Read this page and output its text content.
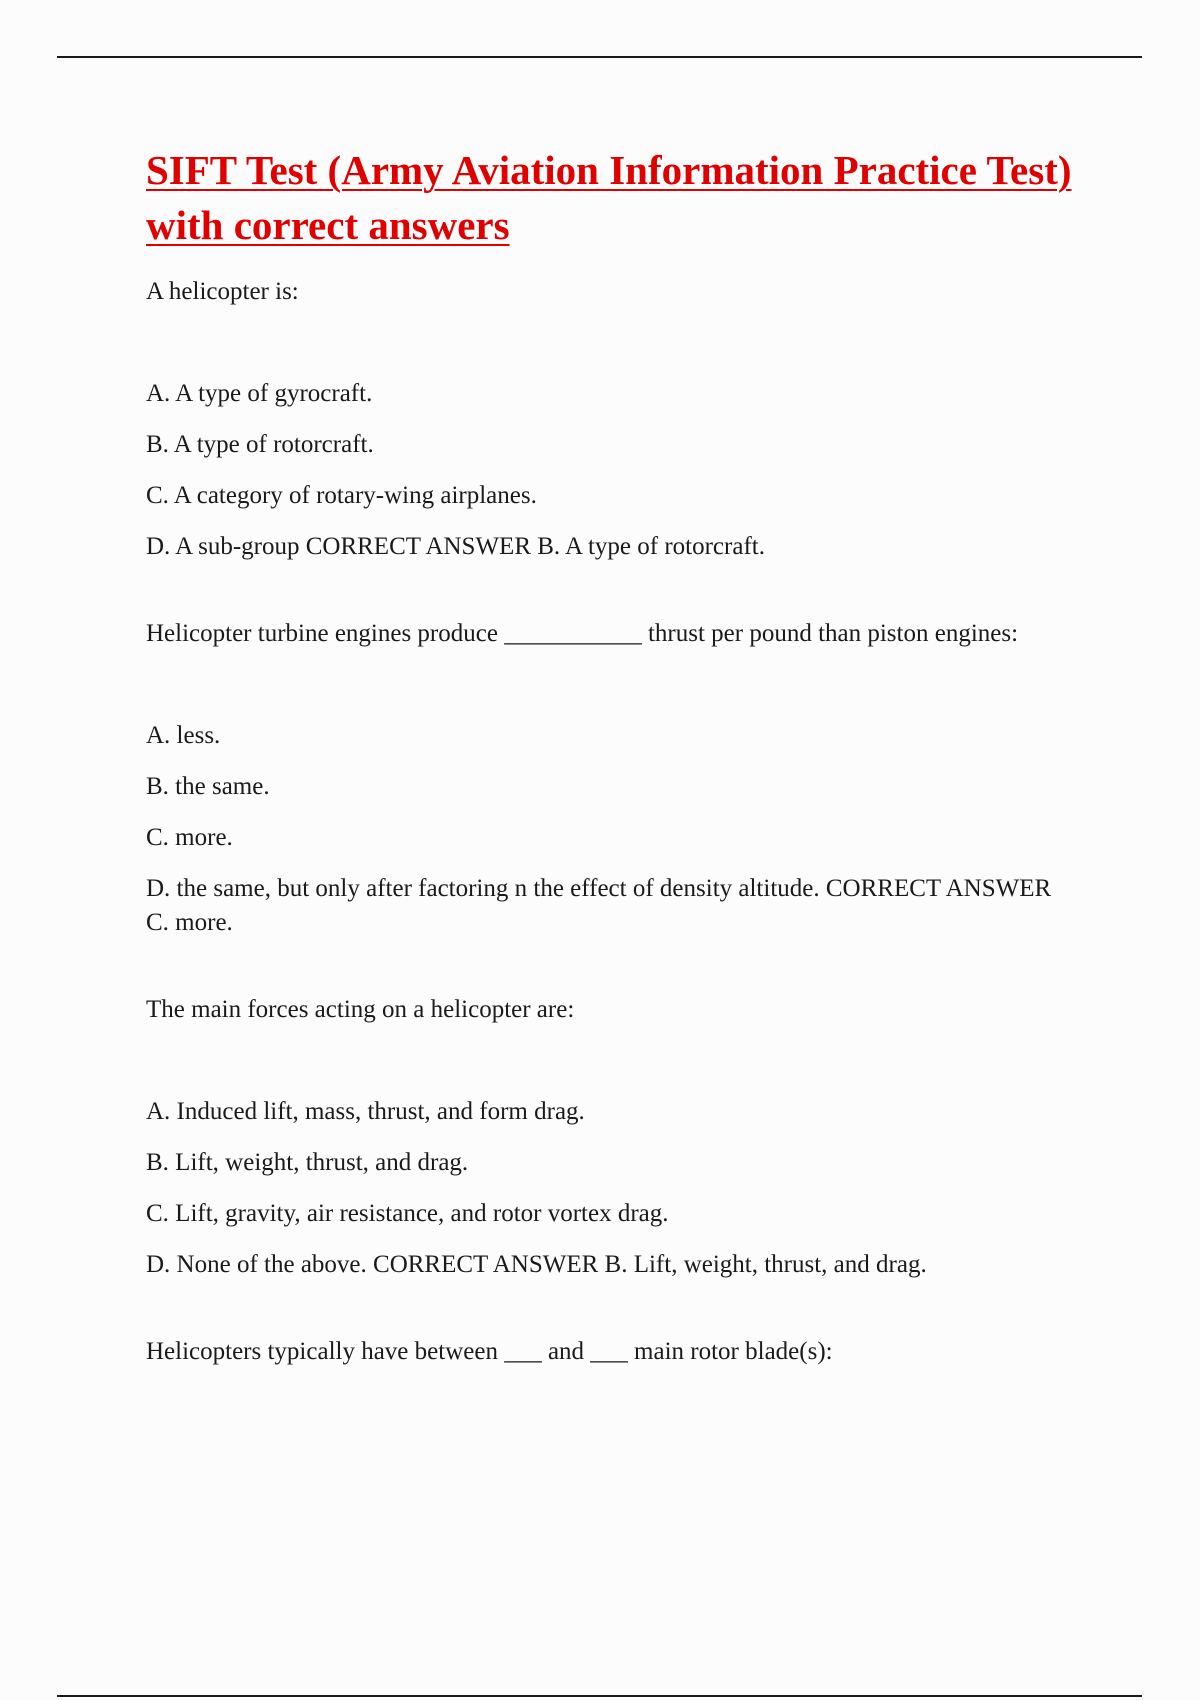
SIFT Test (Army Aviation Information Practice Test) with correct answers

A helicopter is:

A. A type of gyrocraft.

B. A type of rotorcraft.

C. A category of rotary-wing airplanes.

D. A sub-group CORRECT ANSWER B. A type of rotorcraft.

Helicopter turbine engines produce ___________ thrust per pound than piston engines:

A. less.

B. the same.

C. more.

D. the same, but only after factoring n the effect of density altitude. CORRECT ANSWER C. more.

The main forces acting on a helicopter are:

A. Induced lift, mass, thrust, and form drag.

B. Lift, weight, thrust, and drag.

C. Lift, gravity, air resistance, and rotor vortex drag.

D. None of the above. CORRECT ANSWER B. Lift, weight, thrust, and drag.

Helicopters typically have between ___ and ___ main rotor blade(s):
